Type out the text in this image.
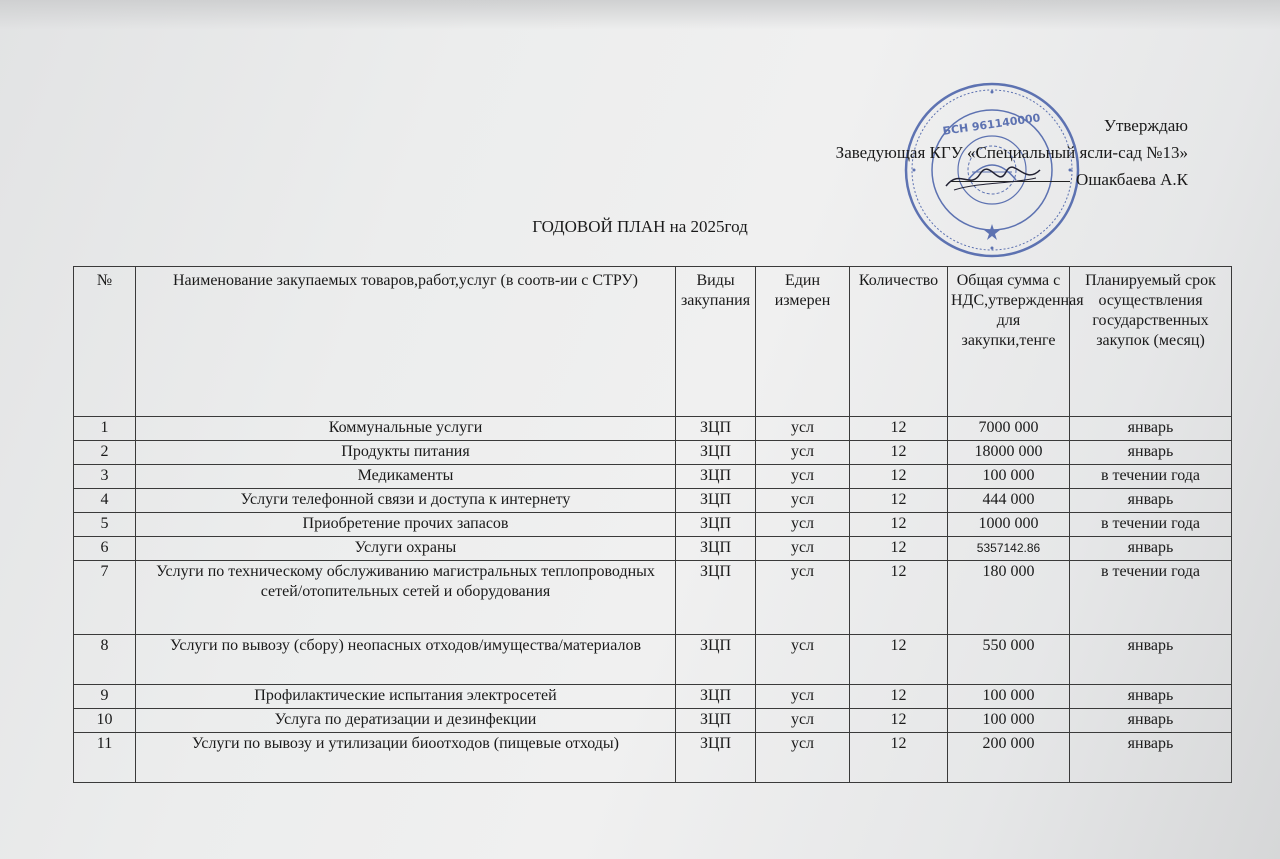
БСН 961140000	Утверждаю
Заведующая КГУ «Специальный ясли-сад №13»
Ошакбаева А.К
ГОДОВОЙ ПЛАН на 2025год
№	Наименование закупаемых товаров,работ,услуг (в соотв-ии с СТРУ)	Виды закупания	Един измерен	Количество	Общая сумма с НДС,утвержденная для закупки,тенге	Планируемый срок осуществления государственных закупок (месяц)
1	Коммунальные услуги	ЗЦП	усл	12	7000 000	январь
2	Продукты питания	ЗЦП	усл	12	18000 000	январь
3	Медикаменты	ЗЦП	усл	12	100 000	в течении года
4	Услуги телефонной связи и доступа к интернету	ЗЦП	усл	12	444 000	январь
5	Приобретение прочих запасов	ЗЦП	усл	12	1000 000	в течении года
6	Услуги охраны	ЗЦП	усл	12	5357142.86	январь
7	Услуги по техническому обслуживанию магистральных теплопроводных сетей/отопительных сетей и оборудования	ЗЦП	усл	12	180 000	в течении года
8	Услуги по вывозу (сбору) неопасных отходов/имущества/материалов	ЗЦП	усл	12	550 000	январь
9	Профилактические испытания электросетей	ЗЦП	усл	12	100 000	январь
10	Услуга по дератизации и дезинфекции	ЗЦП	усл	12	100 000	январь
11	Услуги по вывозу и утилизации биоотходов (пищевые отходы)	ЗЦП	усл	12	200 000	январь
